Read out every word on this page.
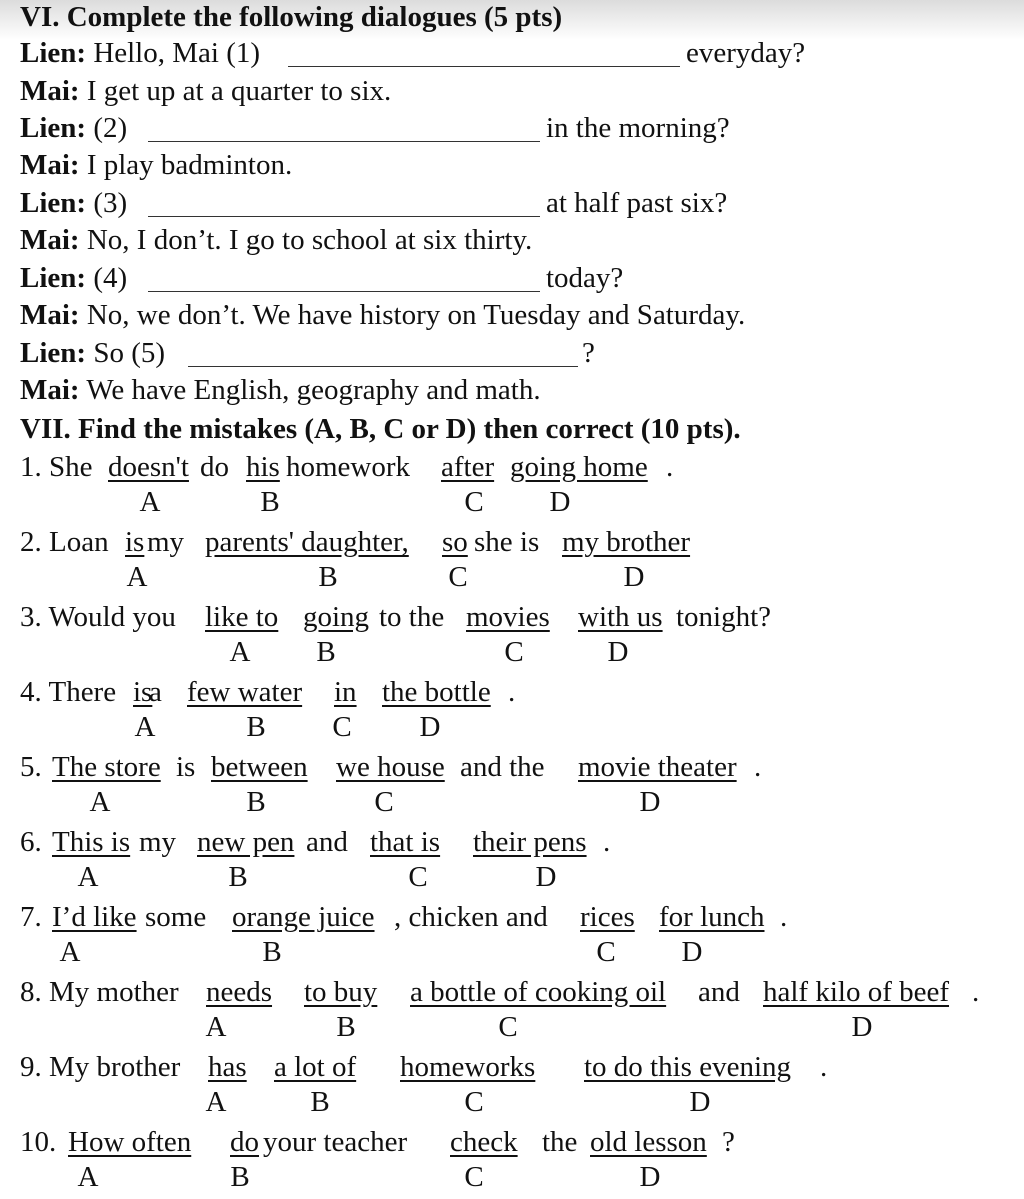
VI. Complete the following dialogues (5 pts)
Lien: Hello, Mai (1)	everyday?
Mai: I get up at a quarter to six.
Lien: (2)	in the morning?
Mai: I play badminton.
Lien: (3)	at half past six?
Mai: No, I don’t. I go to school at six thirty.
Lien: (4)	today?
Mai: No, we don’t. We have history on Tuesday and Saturday.
Lien: So (5)	?
Mai: We have English, geography and math.
VII. Find the mistakes (A, B, C or D) then correct (10 pts).
1. She doesn't do his homework after going home .
A	B	C	D
2. Loan is my parents' daughter, so she is my brother
A	B	C	D
3. Would you like to going to the movies with us tonight?
A	B	C	D
4. There is
a few water in the bottle .
A	B	C	D
5. The store is between we house and the movie theater .
A	B	C	D
6. This is my new pen and that is their pens .
A	B	C	D
7. I’d like some orange juice , chicken and rices for lunch .
A	B	C	D
8. My mother needs to buy a bottle of cooking oil and half kilo of beef .
A	B	C	D
9. My brother has a lot of homeworks to do this evening .
A	B	C	D
10. How often do your teacher check the old lesson ?
A	B	C	D
